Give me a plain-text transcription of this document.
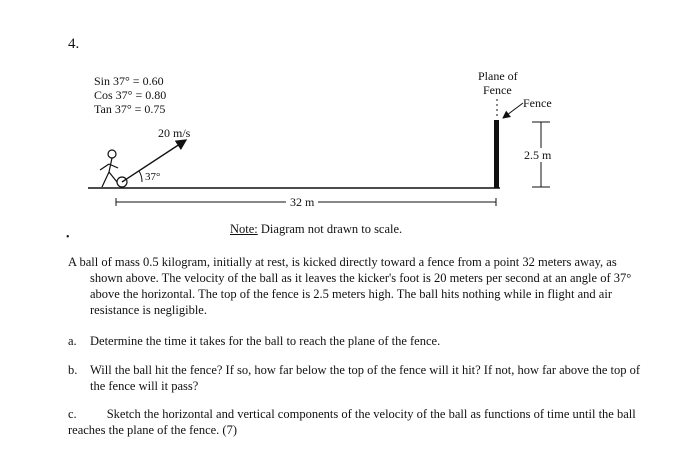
4.
Sin 37° = 0.60
Cos 37° = 0.80
Tan 37° = 0.75
20 m/s
37°
32 m
Plane of
Fence
Fence
2.5 m
Note: Diagram not drawn to scale.
•
A ball of mass 0.5 kilogram, initially at rest, is kicked directly toward a fence from a point 32 meters away, as
shown above. The velocity of the ball as it leaves the kicker's foot is 20 meters per second at an angle of 37° above the horizontal. The top of the fence is 2.5 meters high. The ball hits nothing while in flight and air resistance is negligible.
a. Determine the time it takes for the ball to reach the plane of the fence.
b. Will the ball hit the fence? If so, how far below the top of the fence will it hit? If not, how far above the top of the fence will it pass?
c. Sketch the horizontal and vertical components of the velocity of the ball as functions of time until the ball reaches the plane of the fence. (7)
